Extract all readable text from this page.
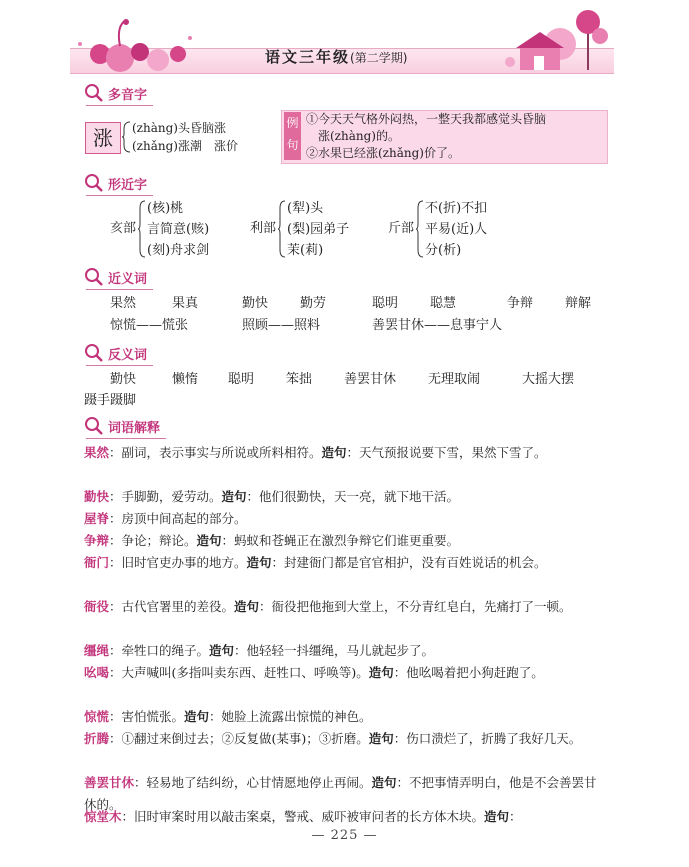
语文三年级(第二学期)
多音字
涨	(zhàng)头昏脑涨
(zhǎng)涨潮　涨价
例句
①今天天气格外闷热，一整天我都感觉头昏脑
涨(zhàng)的。
②水果已经涨(zhǎng)价了。
形近字
亥部
(核)桃
言简意(赅)
(刻)舟求剑
利部
(犁)头
(梨)园弟子
茉(莉)
斤部
不(折)不扣
平易(近)人
分(析)
近义词
果然	果真	勤快 勤劳	聪明 聪慧	争辩 辩解
惊慌——慌张	照顾——照料	善罢甘休——息事宁人
反义词
勤快	懒惰 聪明 笨拙 善罢甘休 无理取闹	大摇大摆
蹑手蹑脚
词语解释
果然：副词，表示事实与所说或所料相符。造句：天气预报说要下雪，果然下雪了。
勤快：手脚勤，爱劳动。造句：他们很勤快，天一亮，就下地干活。
屋脊：房顶中间高起的部分。
争辩：争论；辩论。造句：蚂蚁和苍蝇正在激烈争辩它们谁更重要。
衙门：旧时官吏办事的地方。造句：封建衙门都是官官相护，没有百姓说话的机会。
衙役：古代官署里的差役。造句：衙役把他拖到大堂上，不分青红皂白，先痛打了一顿。
缰绳：牵牲口的绳子。造句：他轻轻一抖缰绳，马儿就起步了。
吆喝：大声喊叫(多指叫卖东西、赶牲口、呼唤等)。造句：他吆喝着把小狗赶跑了。
惊慌：害怕慌张。造句：她脸上流露出惊慌的神色。
折腾：①翻过来倒过去；②反复做(某事)；③折磨。造句：伤口溃烂了，折腾了我好几天。
善罢甘休：轻易地了结纠纷，心甘情愿地停止再闹。造句：不把事情弄明白，他是不会善罢甘休的。
惊堂木：旧时审案时用以敲击案桌，警戒、威吓被审问者的长方体木块。造句：
— 225 —
